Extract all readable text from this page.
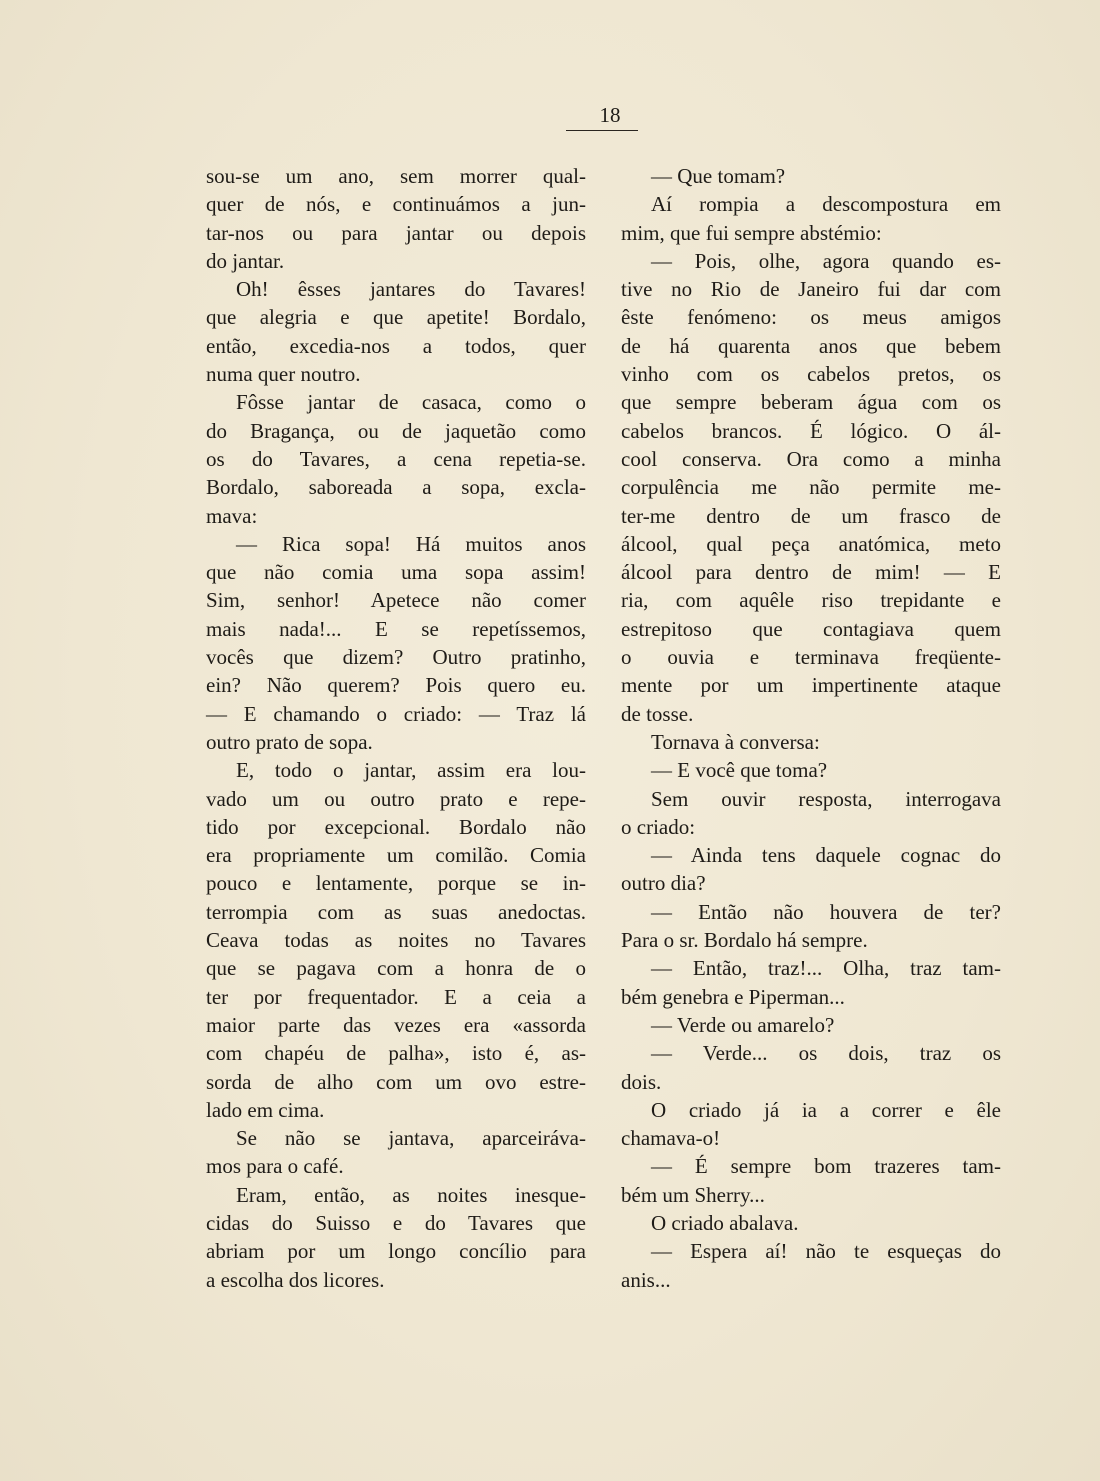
18

sou-se um ano, sem morrer qual-
quer de nós, e continuámos a jun-
tar-nos ou para jantar ou depois
do jantar.

Oh! êsses jantares do Tavares!
que alegria e que apetite! Bordalo,
então, excedia-nos a todos, quer
numa quer noutro.

Fôsse jantar de casaca, como o
do Bragança, ou de jaquetão como
os do Tavares, a cena repetia-se.
Bordalo, saboreada a sopa, excla-
mava:

— Rica sopa! Há muitos anos
que não comia uma sopa assim!
Sim, senhor! Apetece não comer
mais nada!... E se repetíssemos,
vocês que dizem? Outro pratinho,
ein? Não querem? Pois quero eu.
— E chamando o criado: — Traz lá
outro prato de sopa.

E, todo o jantar, assim era lou-
vado um ou outro prato e repe-
tido por excepcional. Bordalo não
era propriamente um comilão. Comia
pouco e lentamente, porque se in-
terrompia com as suas anedoctas.
Ceava todas as noites no Tavares
que se pagava com a honra de o
ter por frequentador. E a ceia a
maior parte das vezes era «assorda
com chapéu de palha», isto é, as-
sorda de alho com um ovo estre-
lado em cima.

Se não se jantava, aparceiráva-
mos para o café.

Eram, então, as noites inesque-
cidas do Suisso e do Tavares que
abriam por um longo concílio para
a escolha dos licores.

— Que tomam?

Aí rompia a descompostura em
mim, que fui sempre abstémio:

— Pois, olhe, agora quando es-
tive no Rio de Janeiro fui dar com
êste fenómeno: os meus amigos
de há quarenta anos que bebem
vinho com os cabelos pretos, os
que sempre beberam água com os
cabelos brancos. É lógico. O ál-
cool conserva. Ora como a minha
corpulência me não permite me-
ter-me dentro de um frasco de
álcool, qual peça anatómica, meto
álcool para dentro de mim! — E
ria, com aquêle riso trepidante e
estrepitoso que contagiava quem
o ouvia e terminava freqüente-
mente por um impertinente ataque
de tosse.

Tornava à conversa:

— E você que toma?

Sem ouvir resposta, interrogava
o criado:

— Ainda tens daquele cognac do
outro dia?

— Então não houvera de ter?
Para o sr. Bordalo há sempre.

— Então, traz!... Olha, traz tam-
bém genebra e Piperman...

— Verde ou amarelo?

— Verde... os dois, traz os
dois.

O criado já ia a correr e êle
chamava-o!

— É sempre bom trazeres tam-
bém um Sherry...

O criado abalava.

— Espera aí! não te esqueças do
anis...
